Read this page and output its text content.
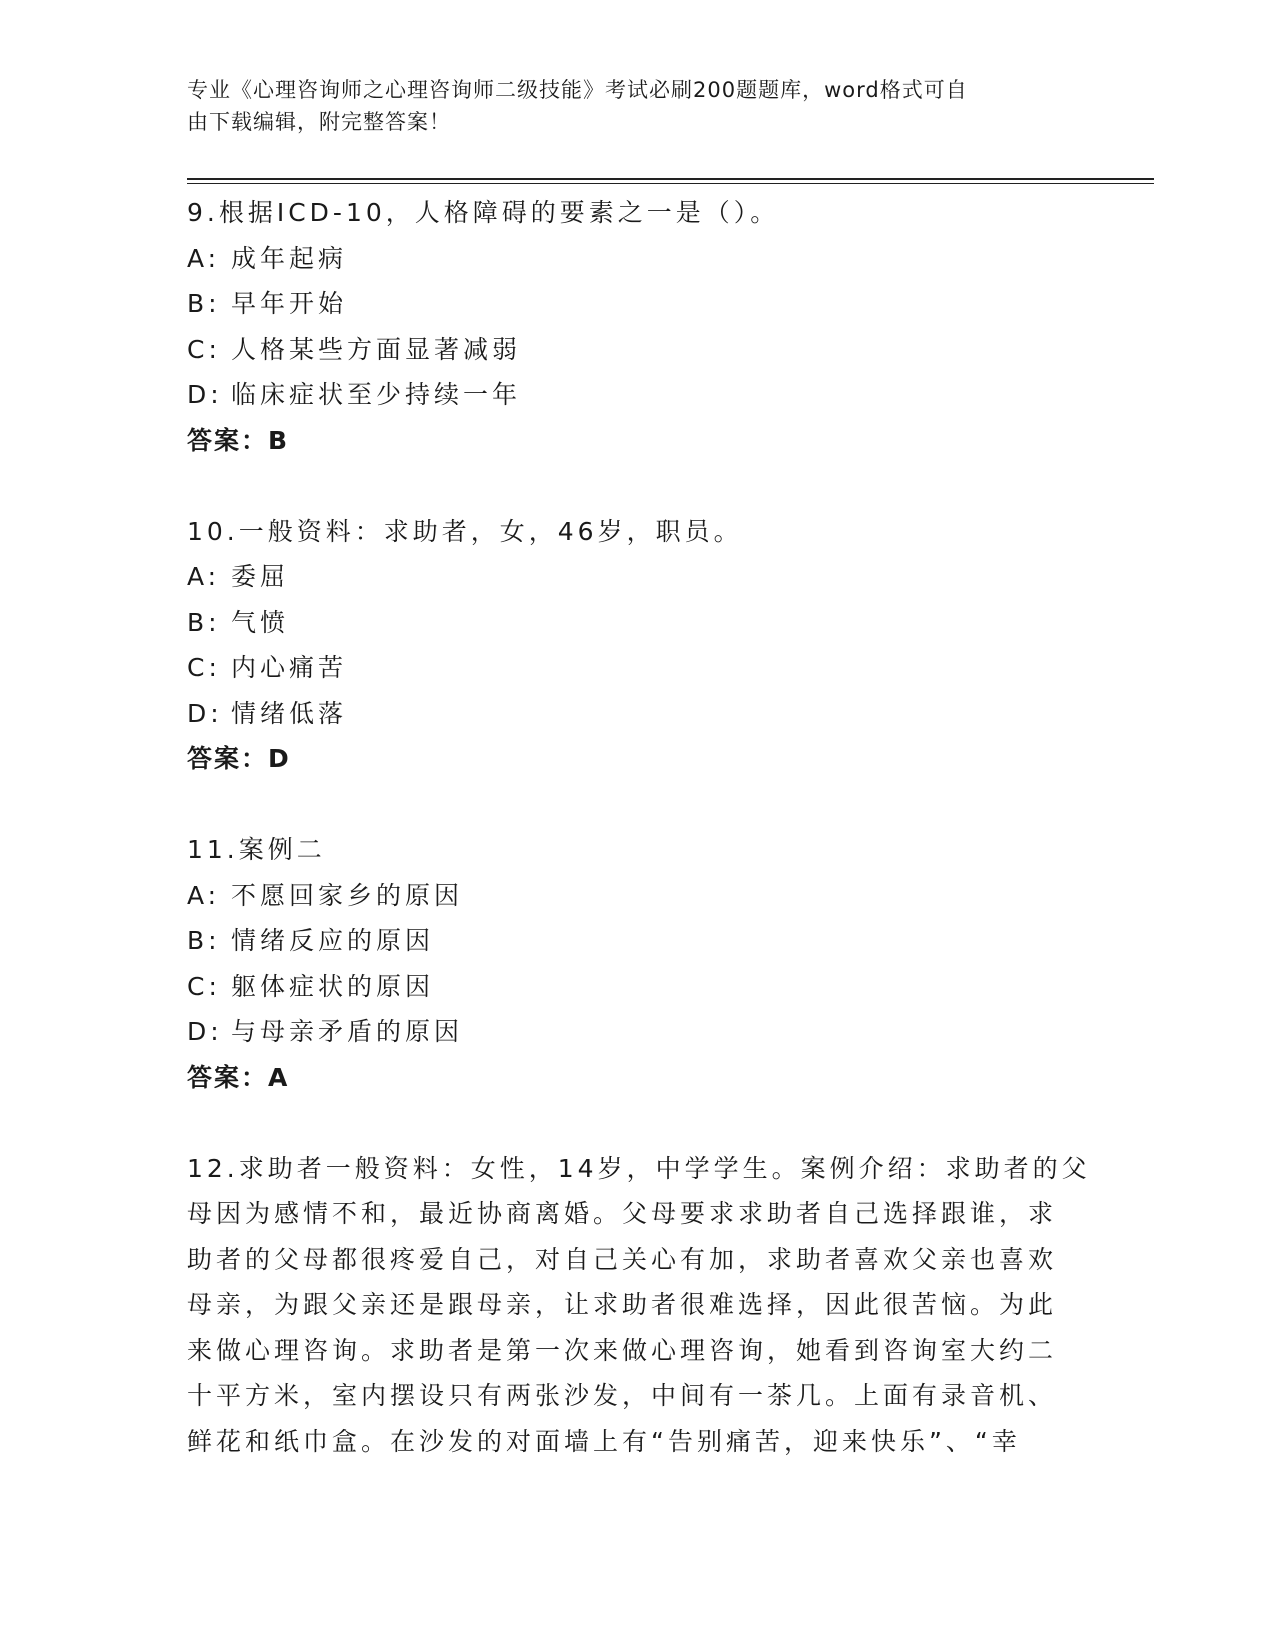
专业《心理咨询师之心理咨询师二级技能》考试必刷200题题库，word格式可自

由下载编辑，附完整答案！

9.根据ICD-10，人格障碍的要素之一是（）。
A: 成年起病
B: 早年开始
C: 人格某些方面显著减弱
D: 临床症状至少持续一年
答案：B
10.一般资料：求助者，女，46岁，职员。
A: 委屈
B: 气愤
C: 内心痛苦
D: 情绪低落
答案：D
11.案例二
A: 不愿回家乡的原因
B: 情绪反应的原因
C: 躯体症状的原因
D: 与母亲矛盾的原因
答案：A
12.求助者一般资料：女性，14岁，中学学生。案例介绍：求助者的父
母因为感情不和，最近协商离婚。父母要求求助者自己选择跟谁，求
助者的父母都很疼爱自己，对自己关心有加，求助者喜欢父亲也喜欢
母亲，为跟父亲还是跟母亲，让求助者很难选择，因此很苦恼。为此
来做心理咨询。求助者是第一次来做心理咨询，她看到咨询室大约二
十平方米，室内摆设只有两张沙发，中间有一茶几。上面有录音机、
鲜花和纸巾盒。在沙发的对面墙上有“告别痛苦，迎来快乐”、“幸
